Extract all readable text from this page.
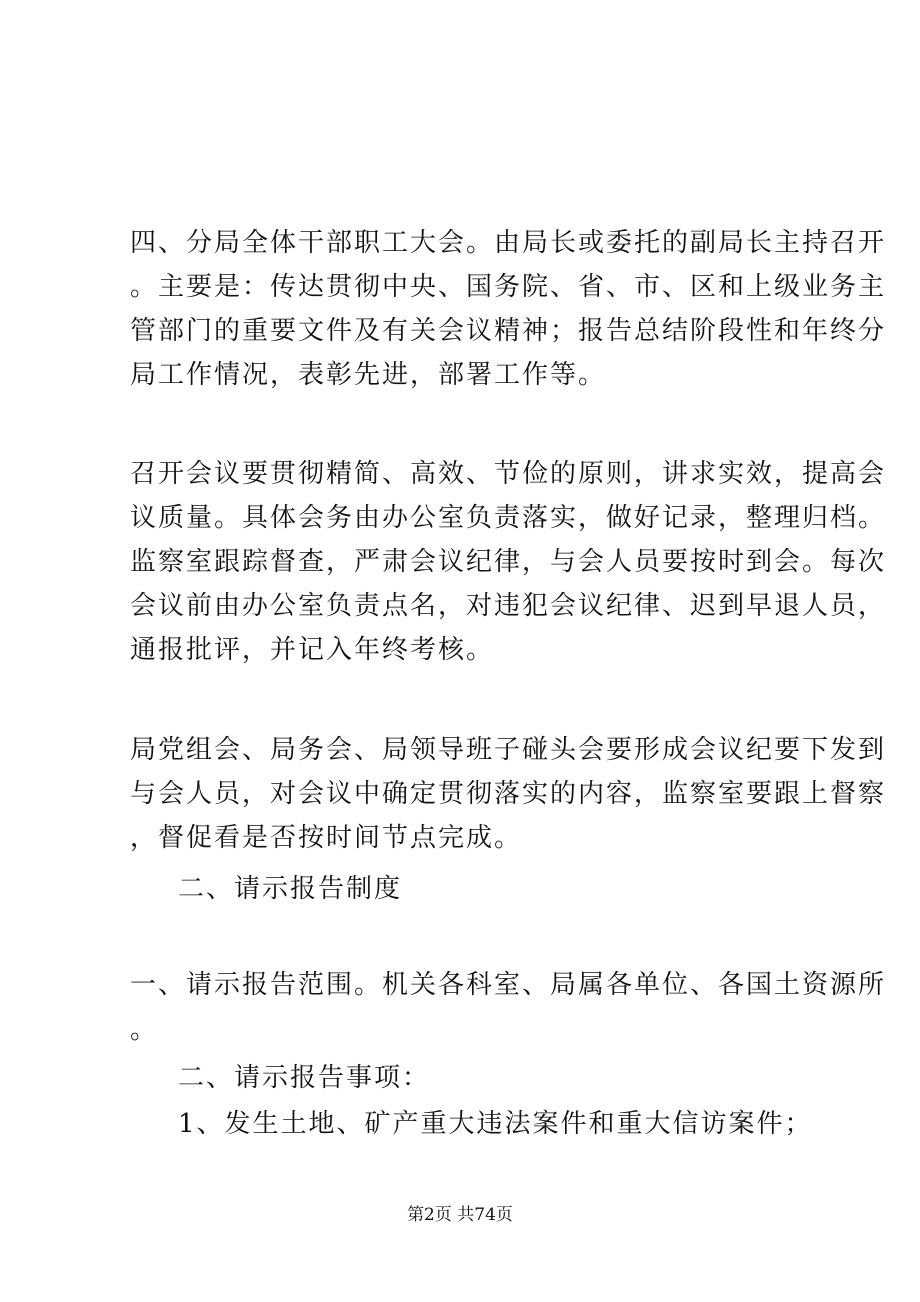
四、分局全体干部职工大会。由局长或委托的副局长主持召开
。主要是：传达贯彻中央、国务院、省、市、区和上级业务主
管部门的重要文件及有关会议精神；报告总结阶段性和年终分
局工作情况，表彰先进，部署工作等。
召开会议要贯彻精简、高效、节俭的原则，讲求实效，提高会
议质量。具体会务由办公室负责落实，做好记录，整理归档。
监察室跟踪督查，严肃会议纪律，与会人员要按时到会。每次
会议前由办公室负责点名，对违犯会议纪律、迟到早退人员，
通报批评，并记入年终考核。
局党组会、局务会、局领导班子碰头会要形成会议纪要下发到
与会人员，对会议中确定贯彻落实的内容，监察室要跟上督察
，督促看是否按时间节点完成。
二、请示报告制度
一、请示报告范围。机关各科室、局属各单位、各国土资源所
。
二、请示报告事项：
1、发生土地、矿产重大违法案件和重大信访案件；
第2页 共74页
